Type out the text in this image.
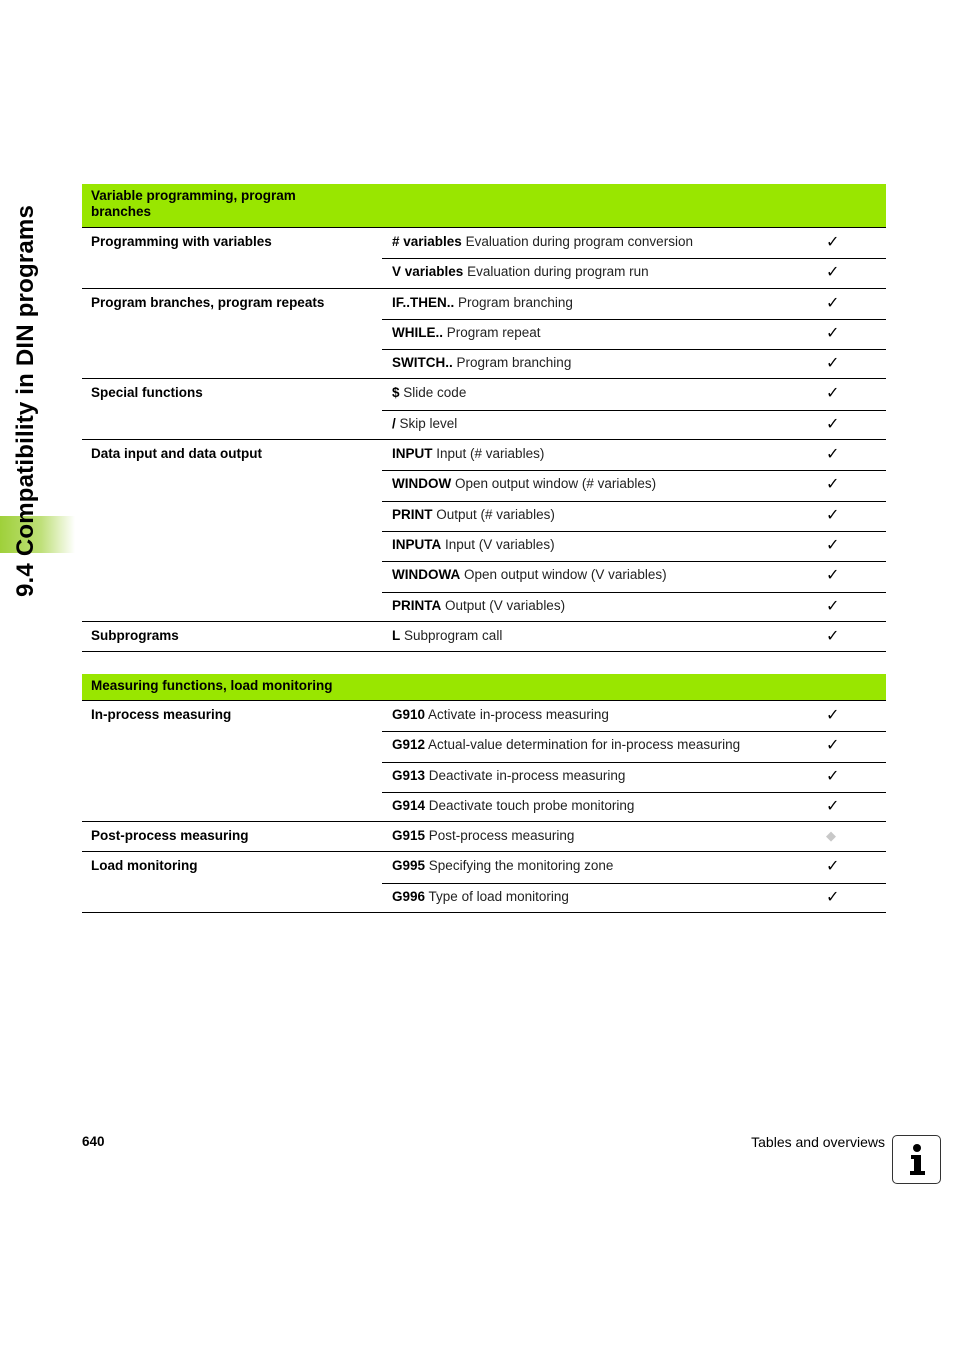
9.4 Compatibility in DIN programs
Variable programming, program branches
Programming with variables	# variables Evaluation during program conversion	✓
V variables Evaluation during program run	✓
Program branches, program repeats	IF..THEN.. Program branching	✓
WHILE.. Program repeat	✓
SWITCH.. Program branching	✓
Special functions	$ Slide code	✓
/ Skip level	✓
Data input and data output	INPUT Input (# variables)	✓
WINDOW Open output window (# variables)	✓
PRINT Output (# variables)	✓
INPUTA Input (V variables)	✓
WINDOWA Open output window (V variables)	✓
PRINTA Output (V variables)	✓
Subprograms	L Subprogram call	✓
Measuring functions, load monitoring
In-process measuring	G910 Activate in-process measuring	✓
G912 Actual-value determination for in-process measuring	✓
G913 Deactivate in-process measuring	✓
G914 Deactivate touch probe monitoring	✓
Post-process measuring	G915 Post-process measuring	◆
Load monitoring	G995 Specifying the monitoring zone	✓
G996 Type of load monitoring	✓
640	Tables and overviews
